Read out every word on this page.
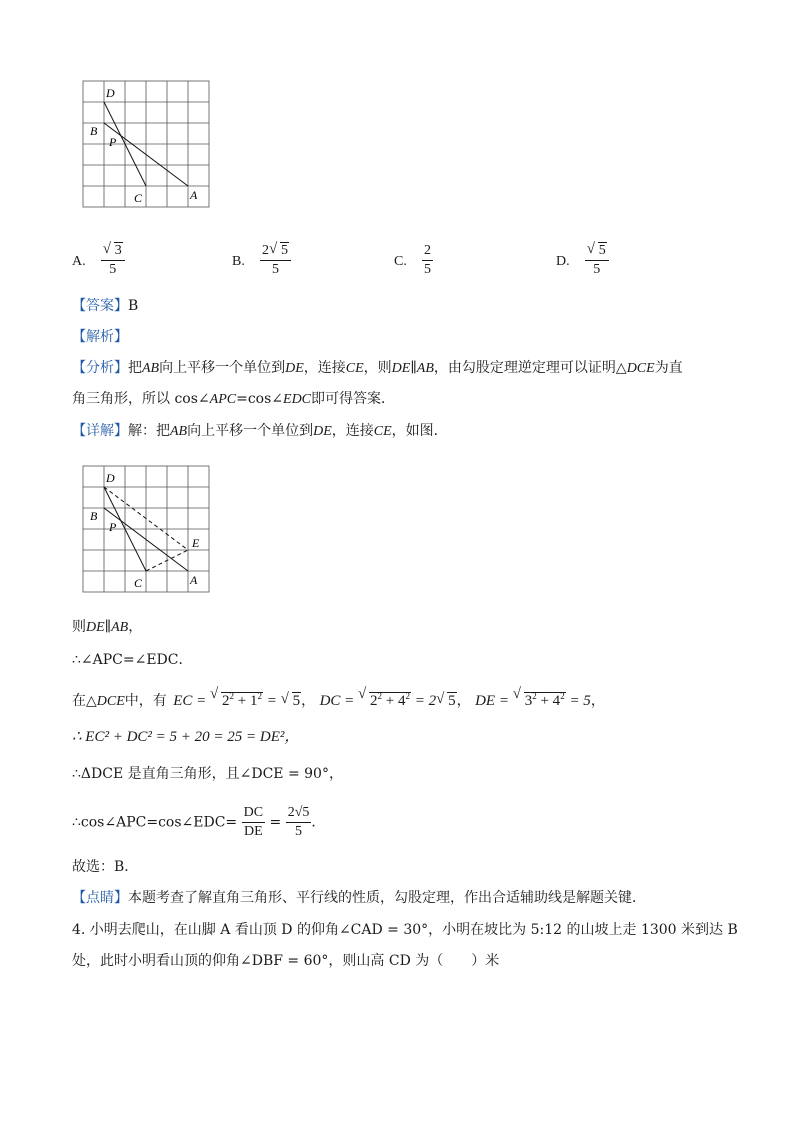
D
B
P
C	A
A.
√ $\frac{3}{5}$	B. $\frac{2√ 5}{5}$	C. $\frac{2}{5}$	D.
√ $\frac{5}{5}$
【答案】B
【解析】
【分析】把AB向上平移一个单位到DE，连接CE，则DE∥AB，由勾股定理逆定理可以证明△DCE为直
角三角形，所以 cos∠APC=cos∠EDC即可得答案．
【详解】解：把AB向上平移一个单位到DE，连接CE，如图．
D
B
P
C	A
E
则DE∥AB，
∴∠APC=∠EDC．
在△DCE中，有 EC = √ $2^2 + 1^2$ = √ 5， DC = √ $2^2 + 4^2 = 2√$ 5， DE = √ $3^2 + 4^2 = 5$，
∴ EC² + DC² = 5 + 20 = 25 = DE²，
∴ΔDCE 是直角三角形，且∠DCE = 90°，
∴cos∠APC=cos∠EDC= $\frac{DC}{DE} = \frac{2√5}{5}$ ．
故选：B．
【点睛】本题考查了解直角三角形、平行线的性质，勾股定理，作出合适辅助线是解题关键．
4. 小明去爬山，在山脚 A 看山顶 D 的仰角∠CAD = 30°，小明在坡比为 5:12 的山坡上走 1300 米到达 B
处，此时小明看山顶的仰角∠DBF = 60°，则山高 CD 为（　　）米
